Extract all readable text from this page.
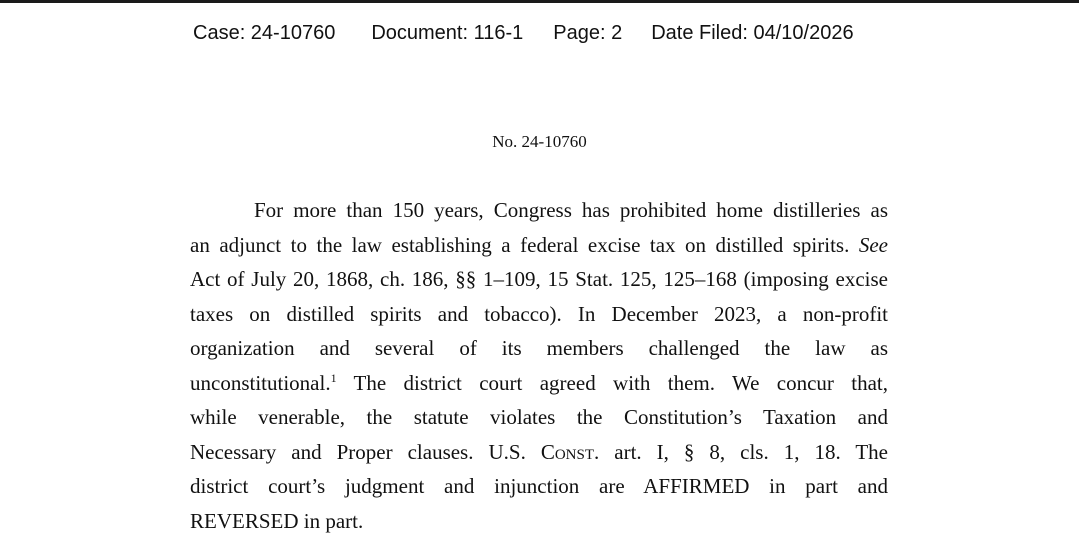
Case: 24-10760 Document: 116-1 Page: 2 Date Filed: 04/10/2026
No. 24-10760
For more than 150 years, Congress has prohibited home distilleries as
an adjunct to the law establishing a federal excise tax on distilled spirits. See
Act of July 20, 1868, ch. 186, §§ 1–109, 15 Stat. 125, 125–168 (imposing excise
taxes on distilled spirits and tobacco). In December 2023, a non-profit
organization and several of its members challenged the law as
unconstitutional.$^1$ The district court agreed with them. We concur that,
while venerable, the statute violates the Constitution’s Taxation and
Necessary and Proper clauses. U.S. Const. art. I, § 8, cls. 1, 18. The
district court’s judgment and injunction are AFFIRMED in part and
REVERSED in part.
